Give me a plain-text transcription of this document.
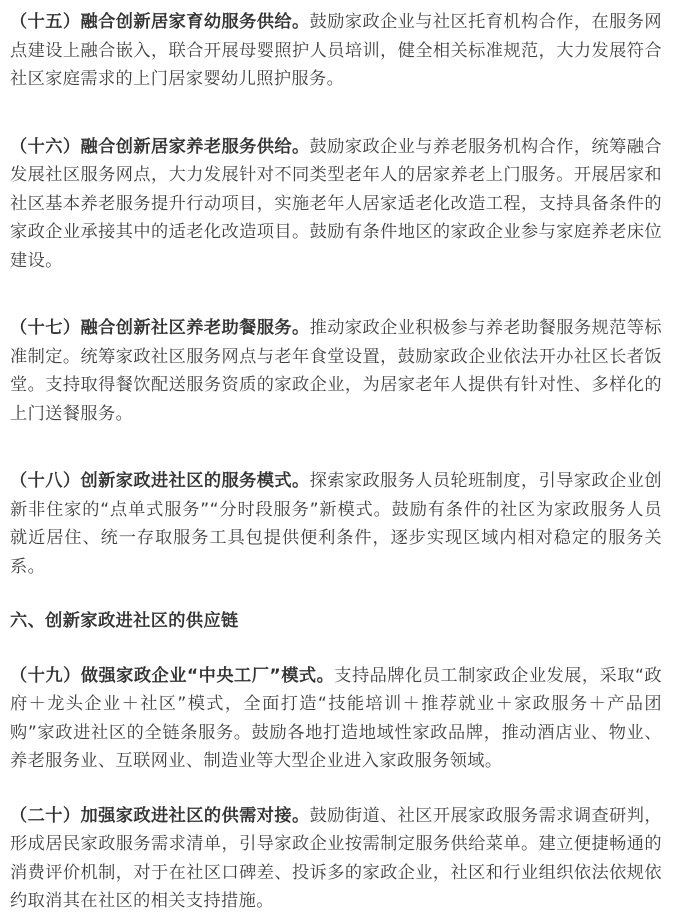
（十五）融合创新居家育幼服务供给。鼓励家政企业与社区托育机构合作，在服务网点建设上融合嵌入，联合开展母婴照护人员培训，健全相关标准规范，大力发展符合社区家庭需求的上门居家婴幼儿照护服务。

（十六）融合创新居家养老服务供给。鼓励家政企业与养老服务机构合作，统筹融合发展社区服务网点，大力发展针对不同类型老年人的居家养老上门服务。开展居家和社区基本养老服务提升行动项目，实施老年人居家适老化改造工程，支持具备条件的家政企业承接其中的适老化改造项目。鼓励有条件地区的家政企业参与家庭养老床位建设。

（十七）融合创新社区养老助餐服务。推动家政企业积极参与养老助餐服务规范等标准制定。统筹家政社区服务网点与老年食堂设置，鼓励家政企业依法开办社区长者饭堂。支持取得餐饮配送服务资质的家政企业，为居家老年人提供有针对性、多样化的上门送餐服务。

（十八）创新家政进社区的服务模式。探索家政服务人员轮班制度，引导家政企业创新非住家的“点单式服务”“分时段服务”新模式。鼓励有条件的社区为家政服务人员就近居住、统一存取服务工具包提供便利条件，逐步实现区域内相对稳定的服务关系。

六、创新家政进社区的供应链

（十九）做强家政企业“中央工厂”模式。支持品牌化员工制家政企业发展，采取“政府＋龙头企业＋社区”模式，全面打造“技能培训＋推荐就业＋家政服务＋产品团购”家政进社区的全链条服务。鼓励各地打造地域性家政品牌，推动酒店业、物业、养老服务业、互联网业、制造业等大型企业进入家政服务领域。

（二十）加强家政进社区的供需对接。鼓励街道、社区开展家政服务需求调查研判，形成居民家政服务需求清单，引导家政企业按需制定服务供给菜单。建立便捷畅通的消费评价机制，对于在社区口碑差、投诉多的家政企业，社区和行业组织依法依规依约取消其在社区的相关支持措施。
